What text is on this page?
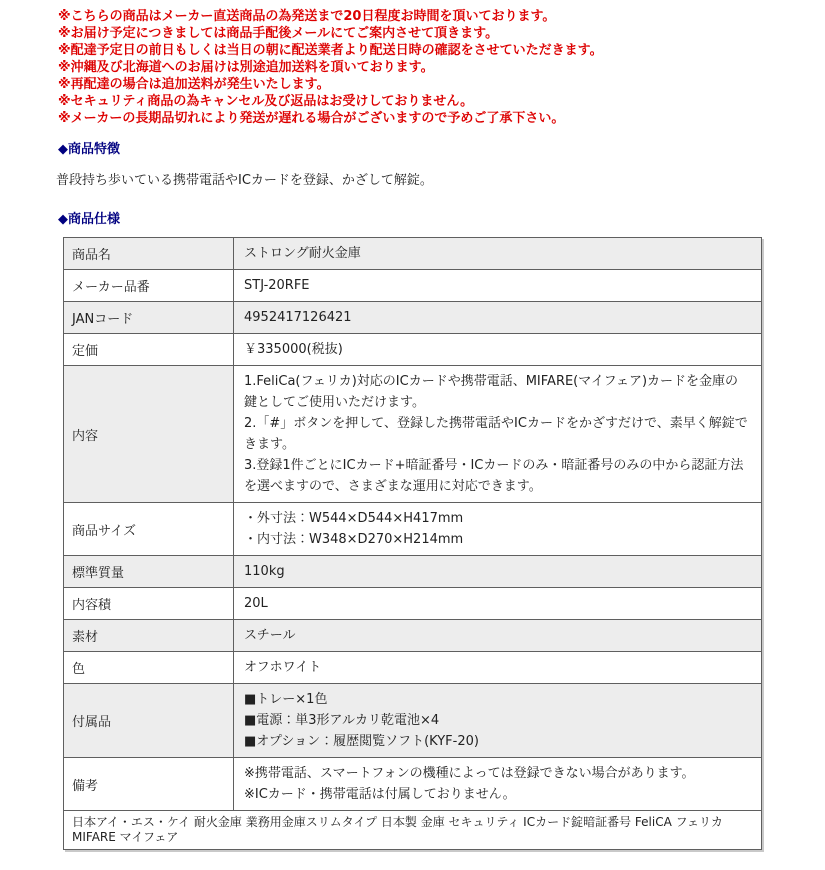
※こちらの商品はメーカー直送商品の為発送まで20日程度お時間を頂いております。
※お届け予定につきましては商品手配後メールにてご案内させて頂きます。
※配達予定日の前日もしくは当日の朝に配送業者より配送日時の確認をさせていただきます。
※沖縄及び北海道へのお届けは別途追加送料を頂いております。
※再配達の場合は追加送料が発生いたします。
※セキュリティ商品の為キャンセル及び返品はお受けしておりません。
※メーカーの長期品切れにより発送が遅れる場合がございますので予めご了承下さい。
◆商品特徴
普段持ち歩いている携帯電話やICカードを登録、かざして解錠。
◆商品仕様
商品名	ストロング耐火金庫

メーカー品番	STJ-20RFE

JANコード	4952417126421

定価	￥335000(税抜)

内容	1.FeliCa(フェリカ)対応のICカードや携帯電話、MIFARE(マイフェア)カードを金庫の鍵としてご使用いただけます。
2.「#」ボタンを押して、登録した携帯電話やICカードをかざすだけで、素早く解錠できます。
3.登録1件ごとにICカード+暗証番号・ICカードのみ・暗証番号のみの中から認証方法を選べますので、さまざまな運用に対応できます。

商品サイズ	・外寸法：W544×D544×H417mm
・内寸法：W348×D270×H214mm

標準質量	110kg

内容積	20L

素材	スチール

色	オフホワイト

付属品	■トレー×1色
■電源：単3形アルカリ乾電池×4
■オプション：履歴閲覧ソフト(KYF-20)

備考	※携帯電話、スマートフォンの機種によっては登録できない場合があります。
※ICカード・携帯電話は付属しておりません。

日本アイ・エス・ケイ 耐火金庫 業務用金庫スリムタイプ 日本製 金庫 セキュリティ ICカード錠暗証番号 FeliCA フェリカ MIFARE マイフェア	
